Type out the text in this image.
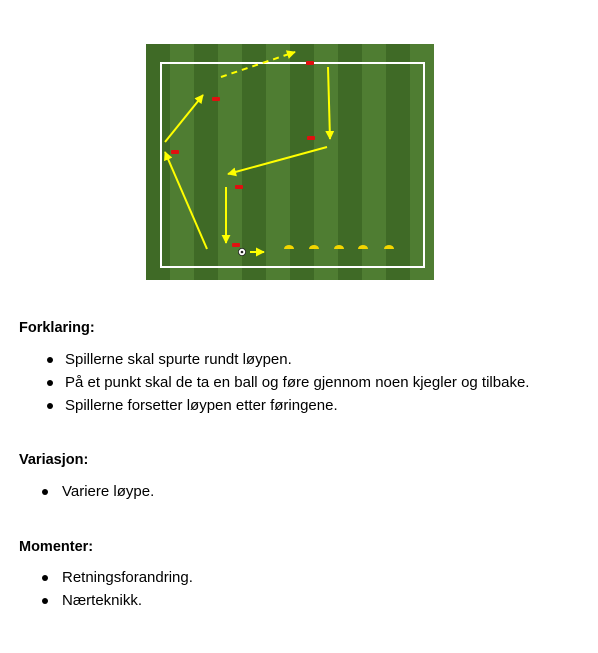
Forklaring:

Spillerne skal spurte rundt løypen.
På et punkt skal de ta en ball og føre gjennom noen kjegler og tilbake.
Spillerne forsetter løypen etter føringene.

Variasjon:

Variere løype.

Momenter:

Retningsforandring.
Nærteknikk.
